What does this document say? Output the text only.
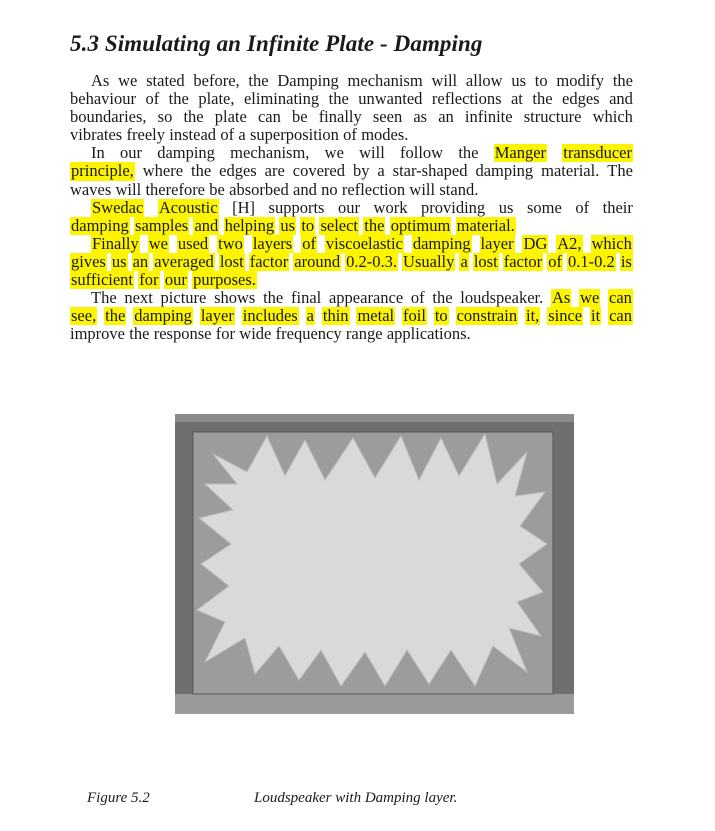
5.3 Simulating an Infinite Plate - Damping
As we stated before, the Damping mechanism will allow us to modify the
behaviour of the plate, eliminating the unwanted reflections at the edges and
boundaries, so the plate can be finally seen as an infinite structure which
vibrates freely instead of a superposition of modes.
In our damping mechanism, we will follow the Manger transducer
principle, where the edges are covered by a star-shaped damping material. The
waves will therefore be absorbed and no reflection will stand.
Swedac Acoustic [H] supports our work providing us some of their
damping samples and helping us to select the optimum material.
Finally we used two layers of viscoelastic damping layer DG A2, which
gives us an averaged lost factor around 0.2-0.3. Usually a lost factor of 0.1-0.2 is
sufficient for our purposes.
The next picture shows the final appearance of the loudspeaker. As we can
see, the damping layer includes a thin metal foil to constrain it, since it can
improve the response for wide frequency range applications.

Figure 5.2	Loudspeaker with Damping layer.
